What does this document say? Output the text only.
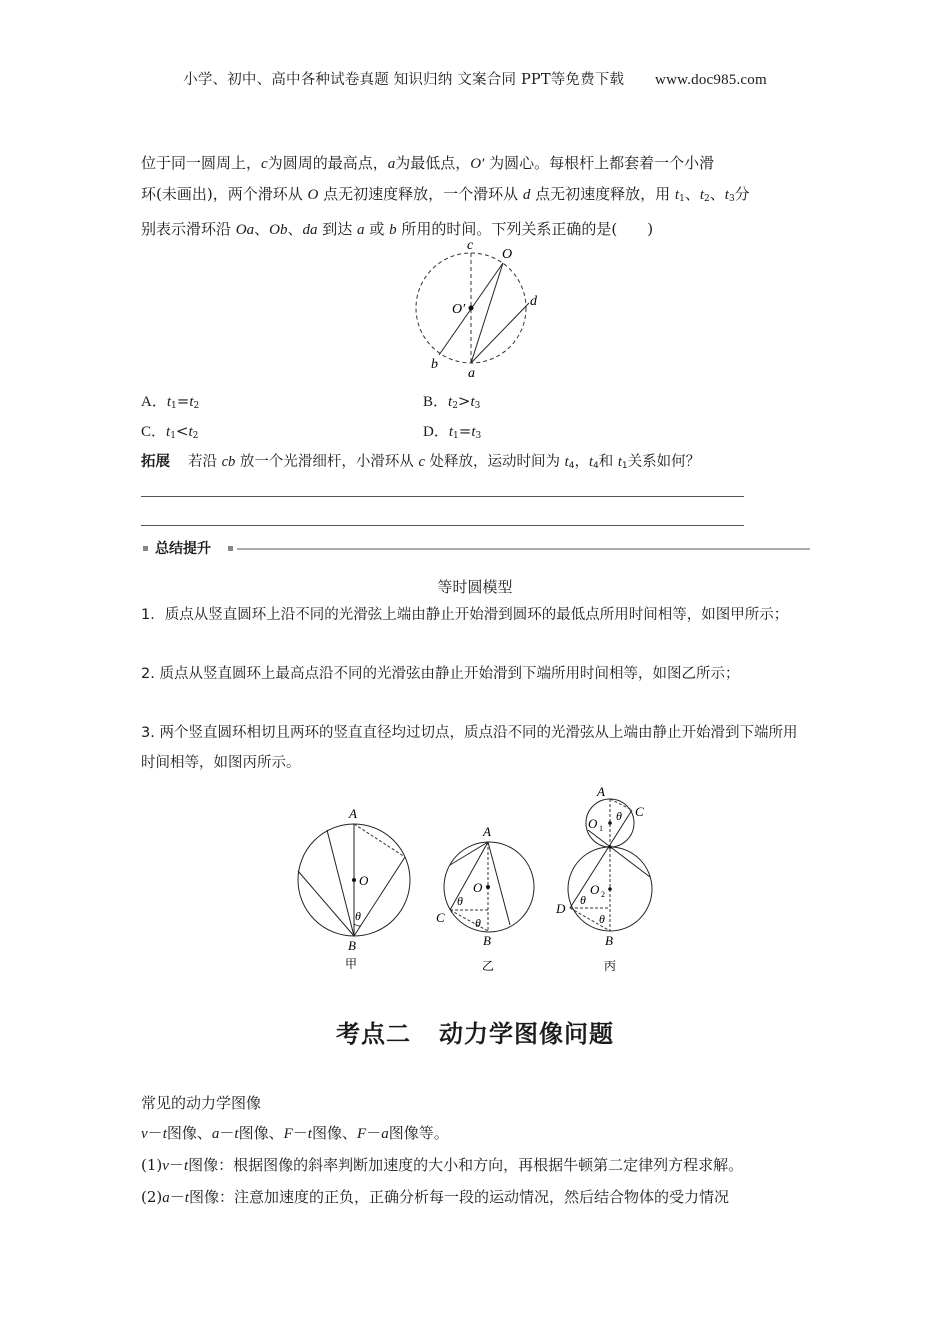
小学、初中、高中各种试卷真题 知识归纳 文案合同 PPT等免费下载 www.doc985.com
位于同一圆周上，c为圆周的最高点，a为最低点，O′ 为圆心。每根杆上都套着一个小滑
环(未画出)，两个滑环从 O 点无初速度释放，一个滑环从 d 点无初速度释放，用 $t_1$、$t_2$、$t_3$分
别表示滑环沿 Oa、Ob、da 到达 a 或 b 所用的时间。下列关系正确的是(　　)
c
O
O′
d
b
a
A．$t_1=t_2$	B．$t_2>t_3$
C．$t_1<t_2$	D．$t_1=t_3$
拓展 若沿 cb 放一个光滑细杆，小滑环从 c 处释放，运动时间为 $t_4$，$t_4$和 $t_1$关系如何？
总结提升
等时圆模型
1．质点从竖直圆环上沿不同的光滑弦上端由静止开始滑到圆环的最低点所用时间相等，如图甲所示；
2. 质点从竖直圆环上最高点沿不同的光滑弦由静止开始滑到下端所用时间相等，如图乙所示；
3. 两个竖直圆环相切且两环的竖直直径均过切点，质点沿不同的光滑弦从上端由静止开始滑到下端所用时间相等，如图丙所示。
A
O
θ
B
甲
A
O
θ
θ
C
B
乙
A
C
θ
O 1
O 2
θ
θ
D
B
丙
考点二 动力学图像问题
常见的动力学图像
v－t图像、a－t图像、F－t图像、F－a图像等。
(1)v－t图像：根据图像的斜率判断加速度的大小和方向，再根据牛顿第二定律列方程求解。
(2)a－t图像：注意加速度的正负，正确分析每一段的运动情况，然后结合物体的受力情况
